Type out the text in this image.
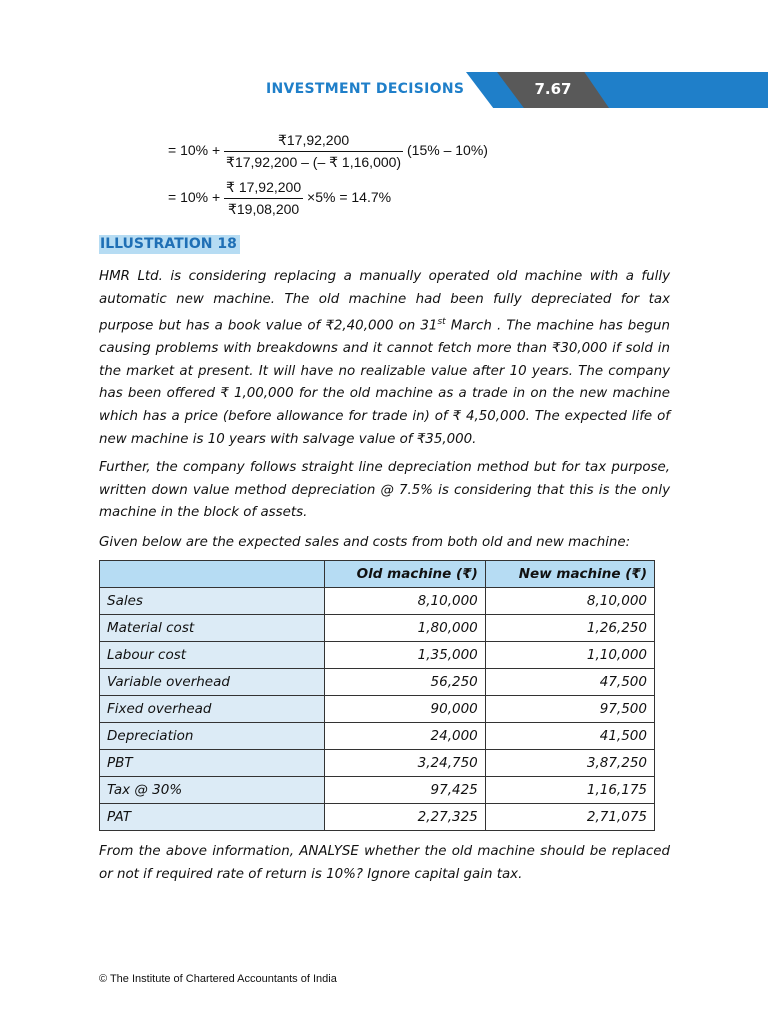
7.67
INVESTMENT DECISIONS
= $10\% + \frac{₹17,92,200}{₹17,92,200 - (- ₹ 1,16,000)} (15\% - 10\%)$
= $10\% + \frac{₹ 17,92,200}{₹19,08,200} \times 5\% = 14.7\%$
ILLUSTRATION 18

HMR Ltd. is considering replacing a manually operated old machine with a fully automatic new machine. The old machine had been fully depreciated for tax purpose but has a book value of ₹2,40,000 on 31st March . The machine has begun causing problems with breakdowns and it cannot fetch more than ₹30,000 if sold in the market at present. It will have no realizable value after 10 years. The company has been offered ₹ 1,00,000 for the old machine as a trade in on the new machine which has a price (before allowance for trade in) of ₹ 4,50,000. The expected life of new machine is 10 years with salvage value of ₹35,000.

Further, the company follows straight line depreciation method but for tax purpose, written down value method depreciation @ 7.5% is considering that this is the only machine in the block of assets.

Given below are the expected sales and costs from both old and new machine:

	Old machine (₹)	New machine (₹)
Sales	8,10,000	8,10,000
Material cost	1,80,000	1,26,250
Labour cost	1,35,000	1,10,000
Variable overhead	56,250	47,500
Fixed overhead	90,000	97,500
Depreciation	24,000	41,500
PBT	3,24,750	3,87,250
Tax @ 30%	97,425	1,16,175
PAT	2,27,325	2,71,075

From the above information, ANALYSE whether the old machine should be replaced or not if required rate of return is 10%? Ignore capital gain tax.

© The Institute of Chartered Accountants of India
